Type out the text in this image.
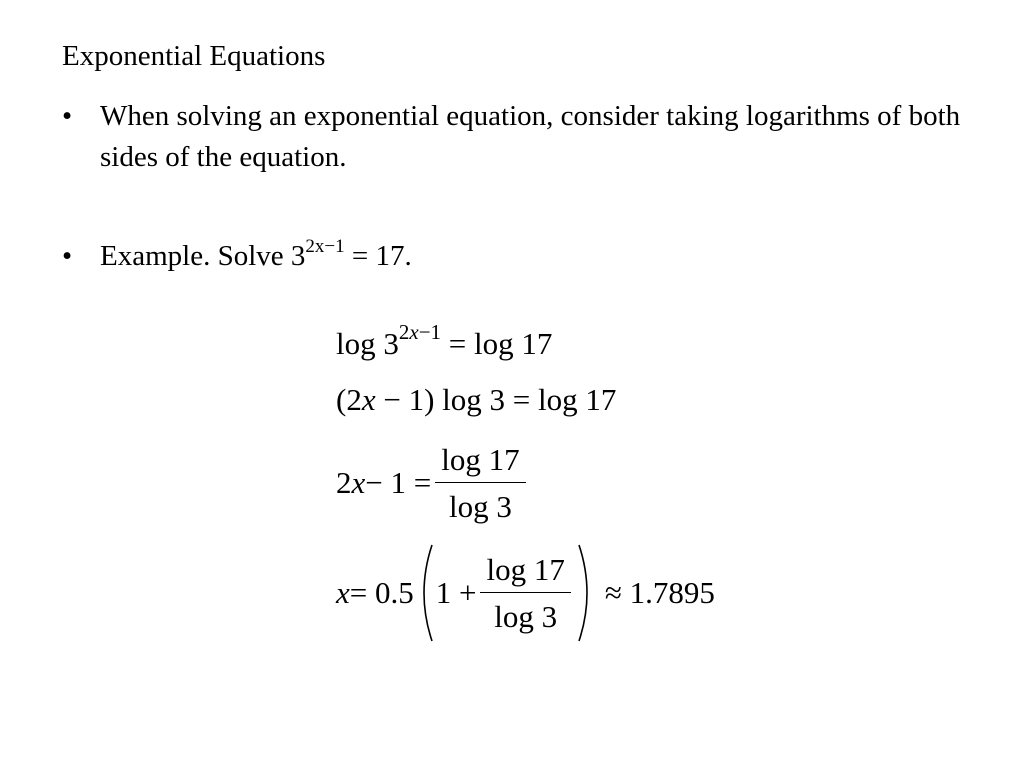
Exponential Equations
• When solving an exponential equation, consider taking logarithms of both sides of the equation.
• Example. Solve $3^{2x-1} = 17$.
$\log 3^{2x-1} = \log 17$
(2x − 1) log 3 = log 17
2 $x - 1 = \frac{\log 17}{\log 3}$
x = 0.5 $1 + \frac{\log 17}{\log 3} \approx 1.7895$
